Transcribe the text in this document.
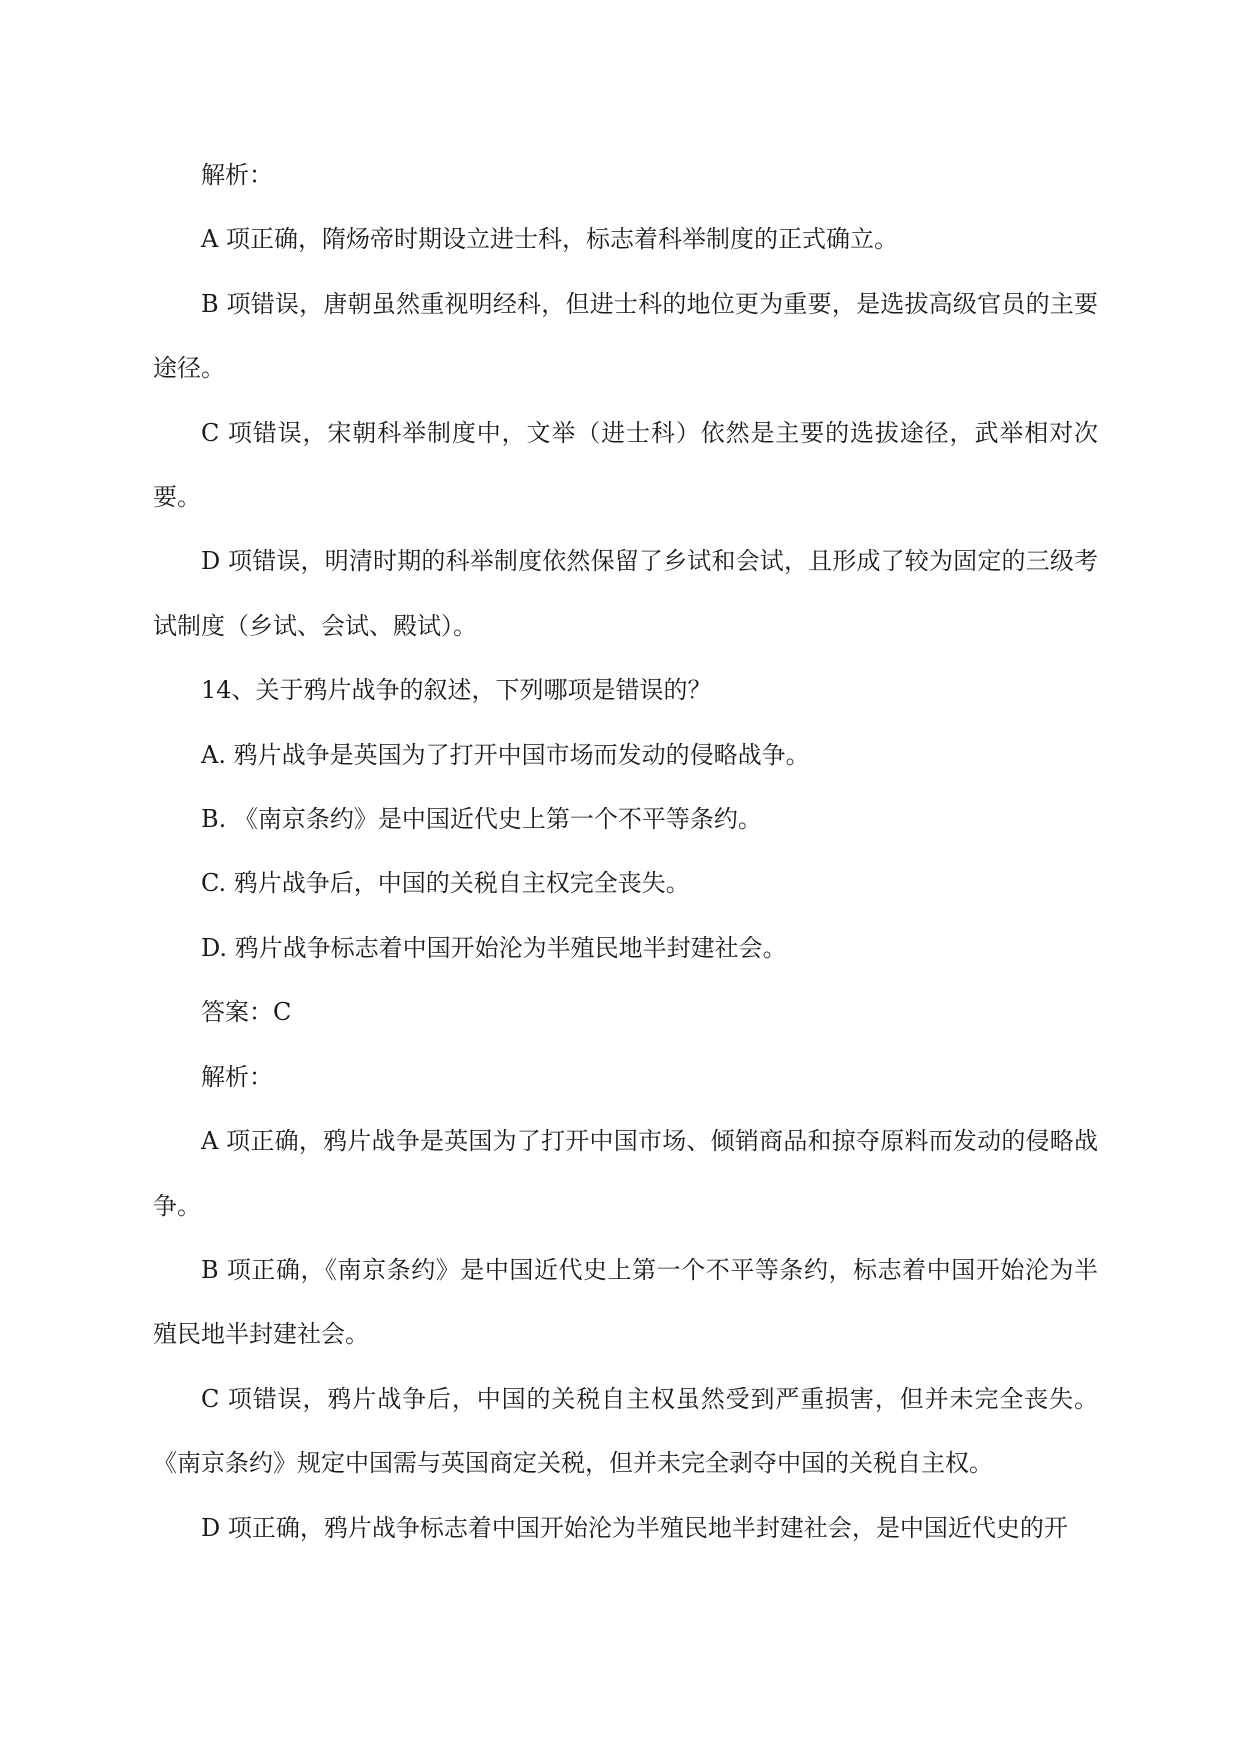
解析：

A 项正确，隋炀帝时期设立进士科，标志着科举制度的正式确立。

B 项错误，唐朝虽然重视明经科，但进士科的地位更为重要，是选拔高级官员的主要途径。

C 项错误，宋朝科举制度中，文举（进士科）依然是主要的选拔途径，武举相对次要。

D 项错误，明清时期的科举制度依然保留了乡试和会试，且形成了较为固定的三级考试制度（乡试、会试、殿试）。

14、关于鸦片战争的叙述，下列哪项是错误的？

A. 鸦片战争是英国为了打开中国市场而发动的侵略战争。

B. 《南京条约》是中国近代史上第一个不平等条约。

C. 鸦片战争后，中国的关税自主权完全丧失。

D. 鸦片战争标志着中国开始沦为半殖民地半封建社会。

答案：C

解析：

A 项正确，鸦片战争是英国为了打开中国市场、倾销商品和掠夺原料而发动的侵略战争。

B 项正确，《南京条约》是中国近代史上第一个不平等条约，标志着中国开始沦为半殖民地半封建社会。

C 项错误，鸦片战争后，中国的关税自主权虽然受到严重损害，但并未完全丧失。《南京条约》规定中国需与英国商定关税，但并未完全剥夺中国的关税自主权。

D 项正确，鸦片战争标志着中国开始沦为半殖民地半封建社会，是中国近代史的开
